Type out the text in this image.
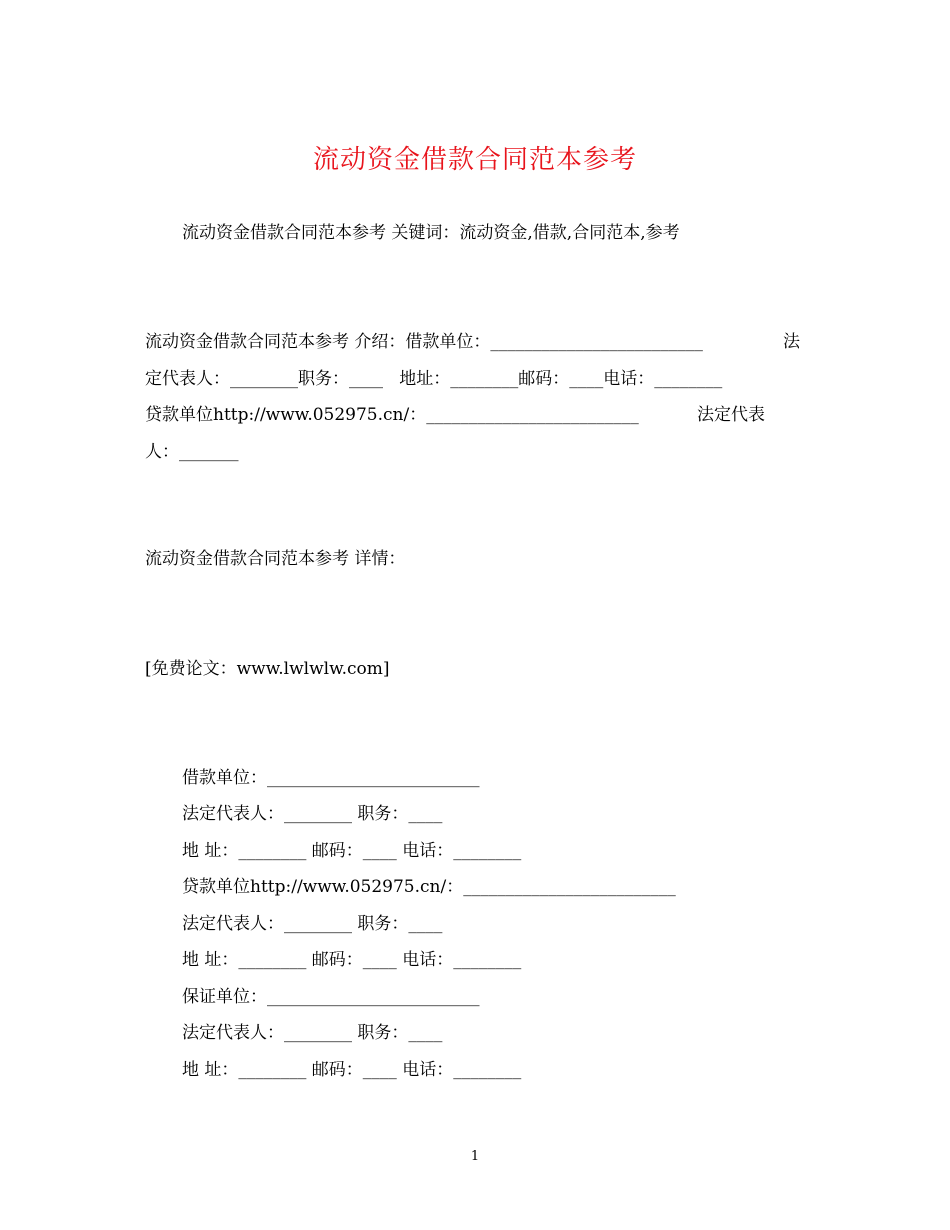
流动资金借款合同范本参考
流动资金借款合同范本参考 关键词：流动资金,借款,合同范本,参考
流动资金借款合同范本参考 介绍：借款单位：_________________________	法
定代表人：________职务：____   地址：________邮码：____电话：________
贷款单位http://www.052975.cn/：_________________________	法定代表
人：_______
流动资金借款合同范本参考 详情：
[免费论文：www.lwlwlw.com]
借款单位：_________________________
法定代表人：________ 职务：____
地 址：________ 邮码：____ 电话：________
贷款单位http://www.052975.cn/：_________________________
法定代表人：________ 职务：____
地 址：________ 邮码：____ 电话：________
保证单位：_________________________
法定代表人：________ 职务：____
地 址：________ 邮码：____ 电话：________
1
